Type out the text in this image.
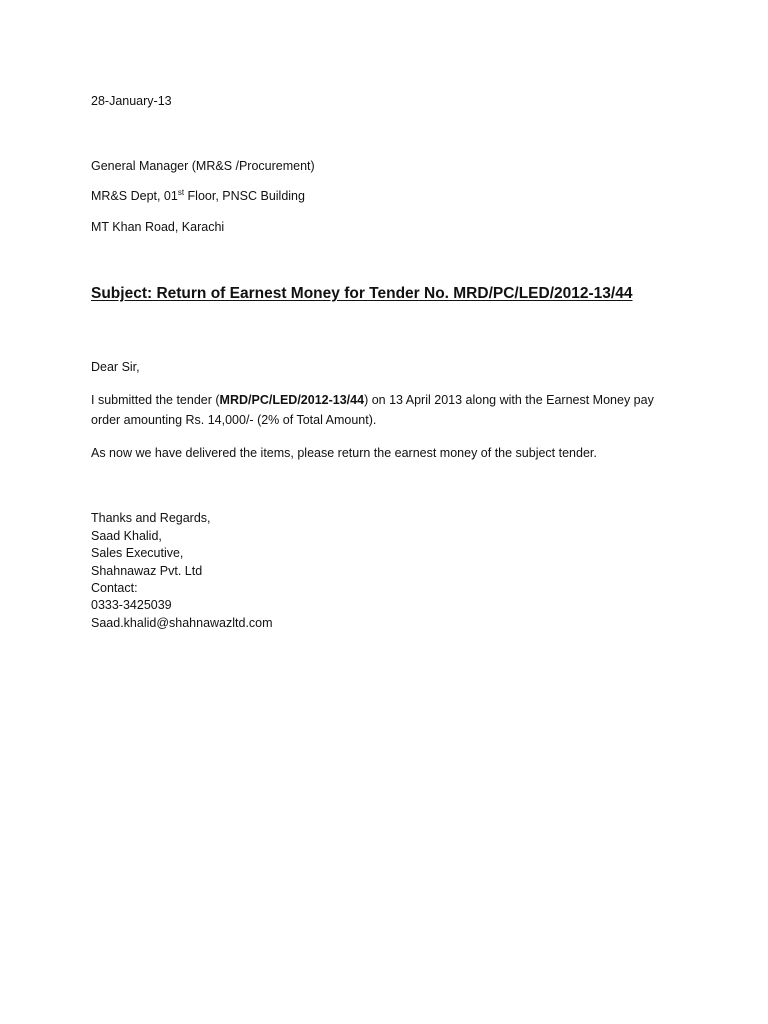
28-January-13
General Manager (MR&S /Procurement)
MR&S Dept, 01st Floor, PNSC Building
MT Khan Road, Karachi
Subject: Return of Earnest Money for Tender No. MRD/PC/LED/2012-13/44
Dear Sir,
I submitted the tender (MRD/PC/LED/2012-13/44) on 13 April 2013 along with the Earnest Money pay
order amounting Rs. 14,000/- (2% of Total Amount).
As now we have delivered the items, please return the earnest money of the subject tender.
Thanks and Regards,
Saad Khalid,
Sales Executive,
Shahnawaz Pvt. Ltd
Contact:
0333-3425039
Saad.khalid@shahnawazltd.com
